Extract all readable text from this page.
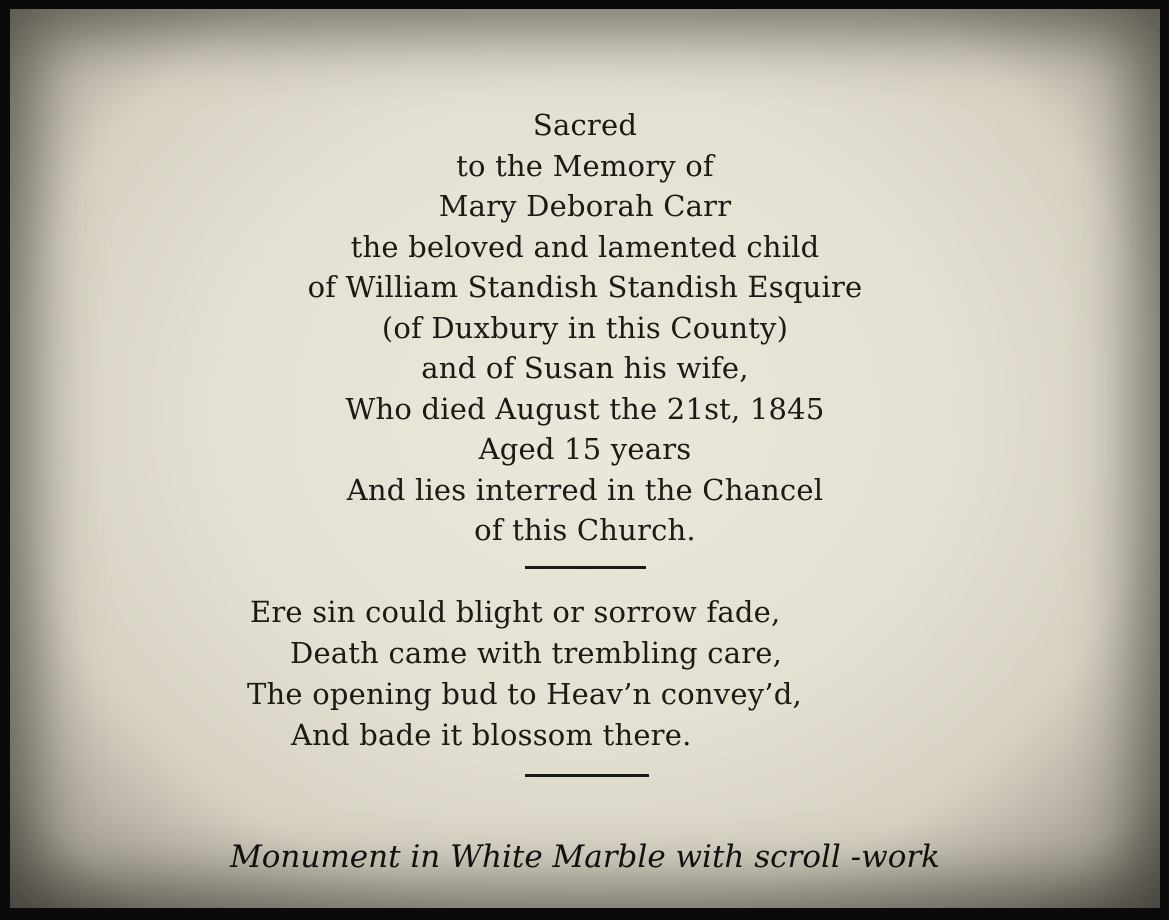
Sacred
to the Memory of
Mary Deborah Carr
the beloved and lamented child
of William Standish Standish Esquire
(of Duxbury in this County)
and of Susan his wife,
Who died August the 21st, 1845
Aged 15 years
And lies interred in the Chancel
of this Church.
Ere sin could blight or sorrow fade,
Death came with trembling care,
The opening bud to Heav’n convey’d,
And bade it blossom there.
Monument in White Marble with scroll -work
